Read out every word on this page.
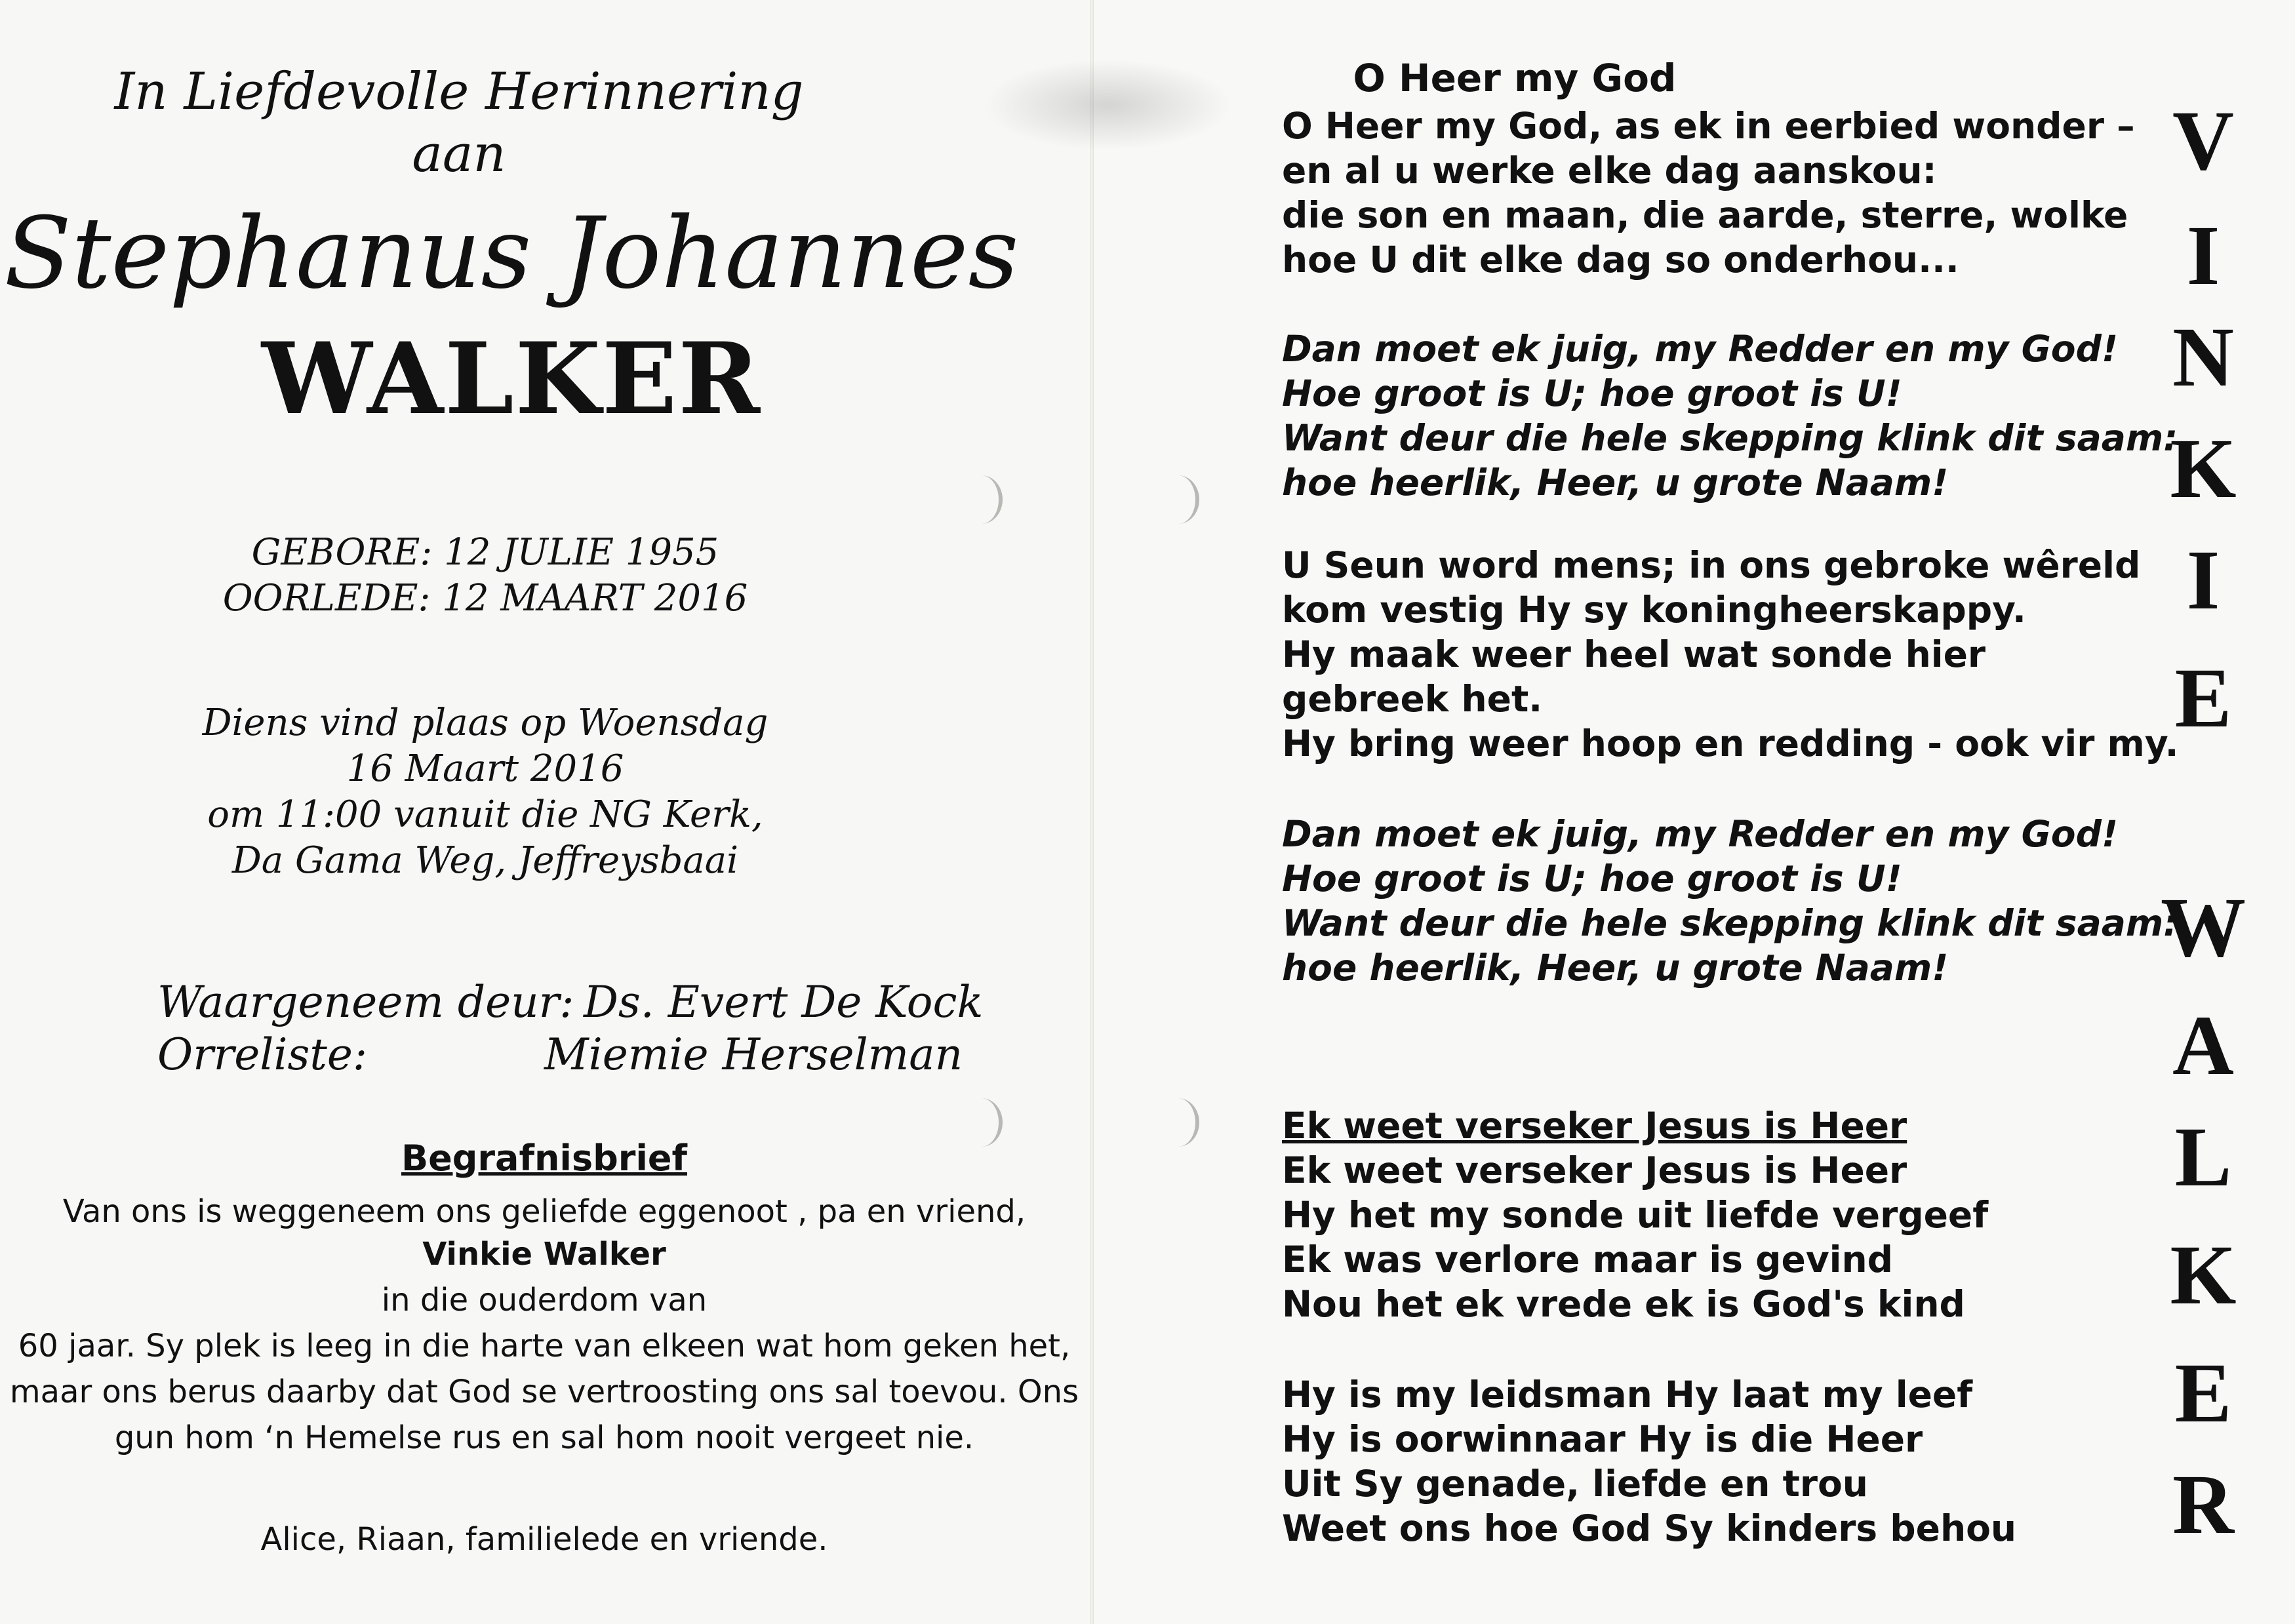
In Liefdevolle Herinnering
aan
Stephanus Johannes
WALKER
GEBORE: 12 JULIE 1955
OORLEDE: 12 MAART 2016
Diens vind plaas op Woensdag
16 Maart 2016
om 11:00 vanuit die NG Kerk,
Da Gama Weg, Jeffreysbaai
Waargeneem deur: Ds. Evert De Kock
Orreliste:	Miemie Herselman
Begrafnisbrief
Van ons is weggeneem ons geliefde eggenoot , pa en vriend,
Vinkie Walker
in die ouderdom van
60 jaar. Sy plek is leeg in die harte van elkeen wat hom geken het,
maar ons berus daarby dat God se vertroosting ons sal toevou. Ons
gun hom ‘n Hemelse rus en sal hom nooit vergeet nie.
Alice, Riaan, familielede en vriende.
O Heer my God
O Heer my God, as ek in eerbied wonder –
en al u werke elke dag aanskou:
die son en maan, die aarde, sterre, wolke
hoe U dit elke dag so onderhou...
Dan moet ek juig, my Redder en my God!
Hoe groot is U; hoe groot is U!
Want deur die hele skepping klink dit saam:
hoe heerlik, Heer, u grote Naam!
U Seun word mens; in ons gebroke wêreld
kom vestig Hy sy koningheerskappy.
Hy maak weer heel wat sonde hier
gebreek het.
Hy bring weer hoop en redding - ook vir my.
Dan moet ek juig, my Redder en my God!
Hoe groot is U; hoe groot is U!
Want deur die hele skepping klink dit saam:
hoe heerlik, Heer, u grote Naam!
Ek weet verseker Jesus is Heer
Ek weet verseker Jesus is Heer
Hy het my sonde uit liefde vergeef
Ek was verlore maar is gevind
Nou het ek vrede ek is God's kind
Hy is my leidsman Hy laat my leef
Hy is oorwinnaar Hy is die Heer
Uit Sy genade, liefde en trou
Weet ons hoe God Sy kinders behou
V
I
N
K
I
E
W
A
L
K
E
R
